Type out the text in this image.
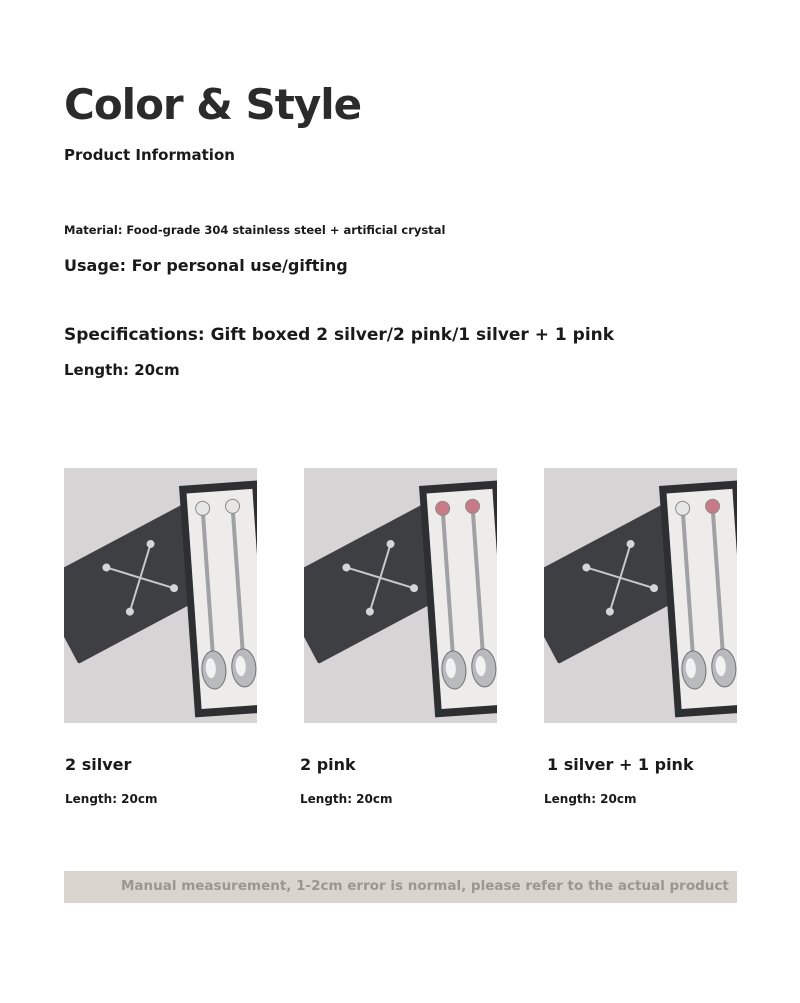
Color & Style
Product Information
Material: Food-grade 304 stainless steel + artificial crystal
Usage: For personal use/gifting
Specifications: Gift boxed 2 silver/2 pink/1 silver + 1 pink
Length: 20cm
2 silver
Length: 20cm
2 pink
Length: 20cm
1 silver + 1 pink
Length: 20cm
Manual measurement, 1-2cm error is normal, please refer to the actual product
